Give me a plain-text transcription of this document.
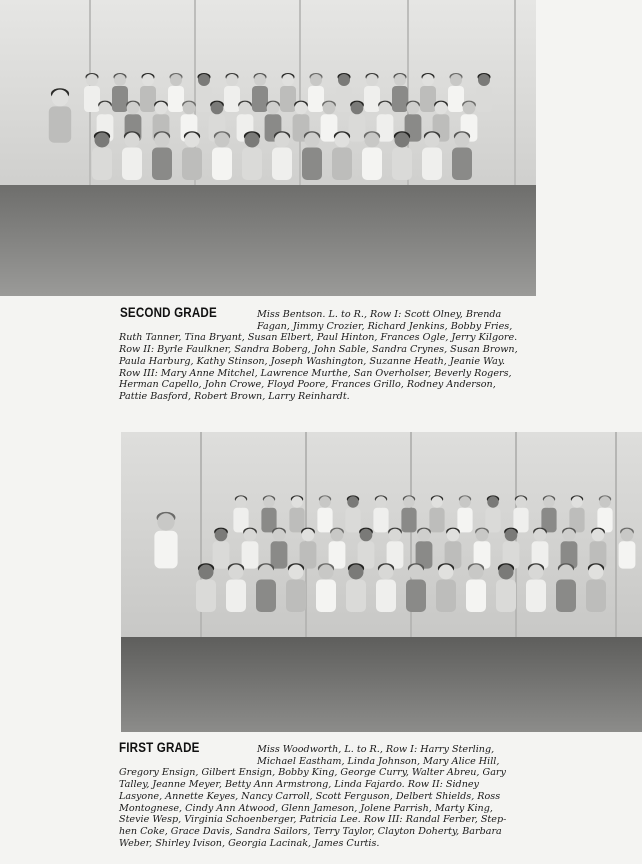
SECOND GRADE	Miss Bentson. L. to R., Row I: Scott Olney, Brenda
Fagan, Jimmy Crozier, Richard Jenkins, Bobby Fries,
Ruth Tanner, Tina Bryant, Susan Elbert, Paul Hinton, Frances Ogle, Jerry Kilgore.
Row II: Byrle Faulkner, Sandra Boberg, John Sable, Sandra Crynes, Susan Brown,
Paula Harburg, Kathy Stinson, Joseph Washington, Suzanne Heath, Jeanie Way.
Row III: Mary Anne Mitchel, Lawrence Murthe, San Overholser, Beverly Rogers,
Herman Capello, John Crowe, Floyd Poore, Frances Grillo, Rodney Anderson,
Pattie Basford, Robert Brown, Larry Reinhardt.

FIRST GRADE	Miss Woodworth, L. to R., Row I: Harry Sterling,
Michael Eastham, Linda Johnson, Mary Alice Hill,
Gregory Ensign, Gilbert Ensign, Bobby King, George Curry, Walter Abreu, Gary
Talley, Jeanne Meyer, Betty Ann Armstrong, Linda Fajardo. Row II: Sidney
Lasyone, Annette Keyes, Nancy Carroll, Scott Ferguson, Delbert Shields, Ross
Montognese, Cindy Ann Atwood, Glenn Jameson, Jolene Parrish, Marty King,
Stevie Wesp, Virginia Schoenberger, Patricia Lee. Row III: Randal Ferber, Step-
hen Coke, Grace Davis, Sandra Sailors, Terry Taylor, Clayton Doherty, Barbara
Weber, Shirley Ivison, Georgia Lacinak, James Curtis.
